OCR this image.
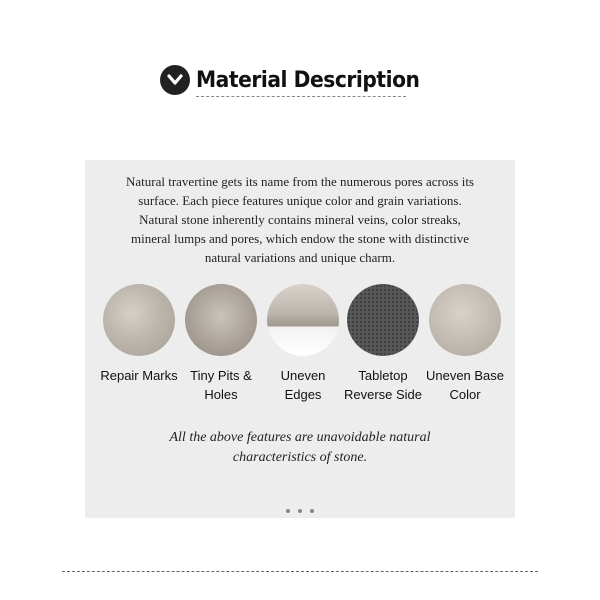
Material Description
Natural travertine gets its name from the numerous pores across its
surface. Each piece features unique color and grain variations.
Natural stone inherently contains mineral veins, color streaks,
mineral lumps and pores, which endow the stone with distinctive
natural variations and unique charm.
Repair Marks Tiny Pits &
Holes
Uneven
Edges
Tabletop
Reverse Side
Uneven Base
Color
All the above features are unavoidable natural
characteristics of stone.
